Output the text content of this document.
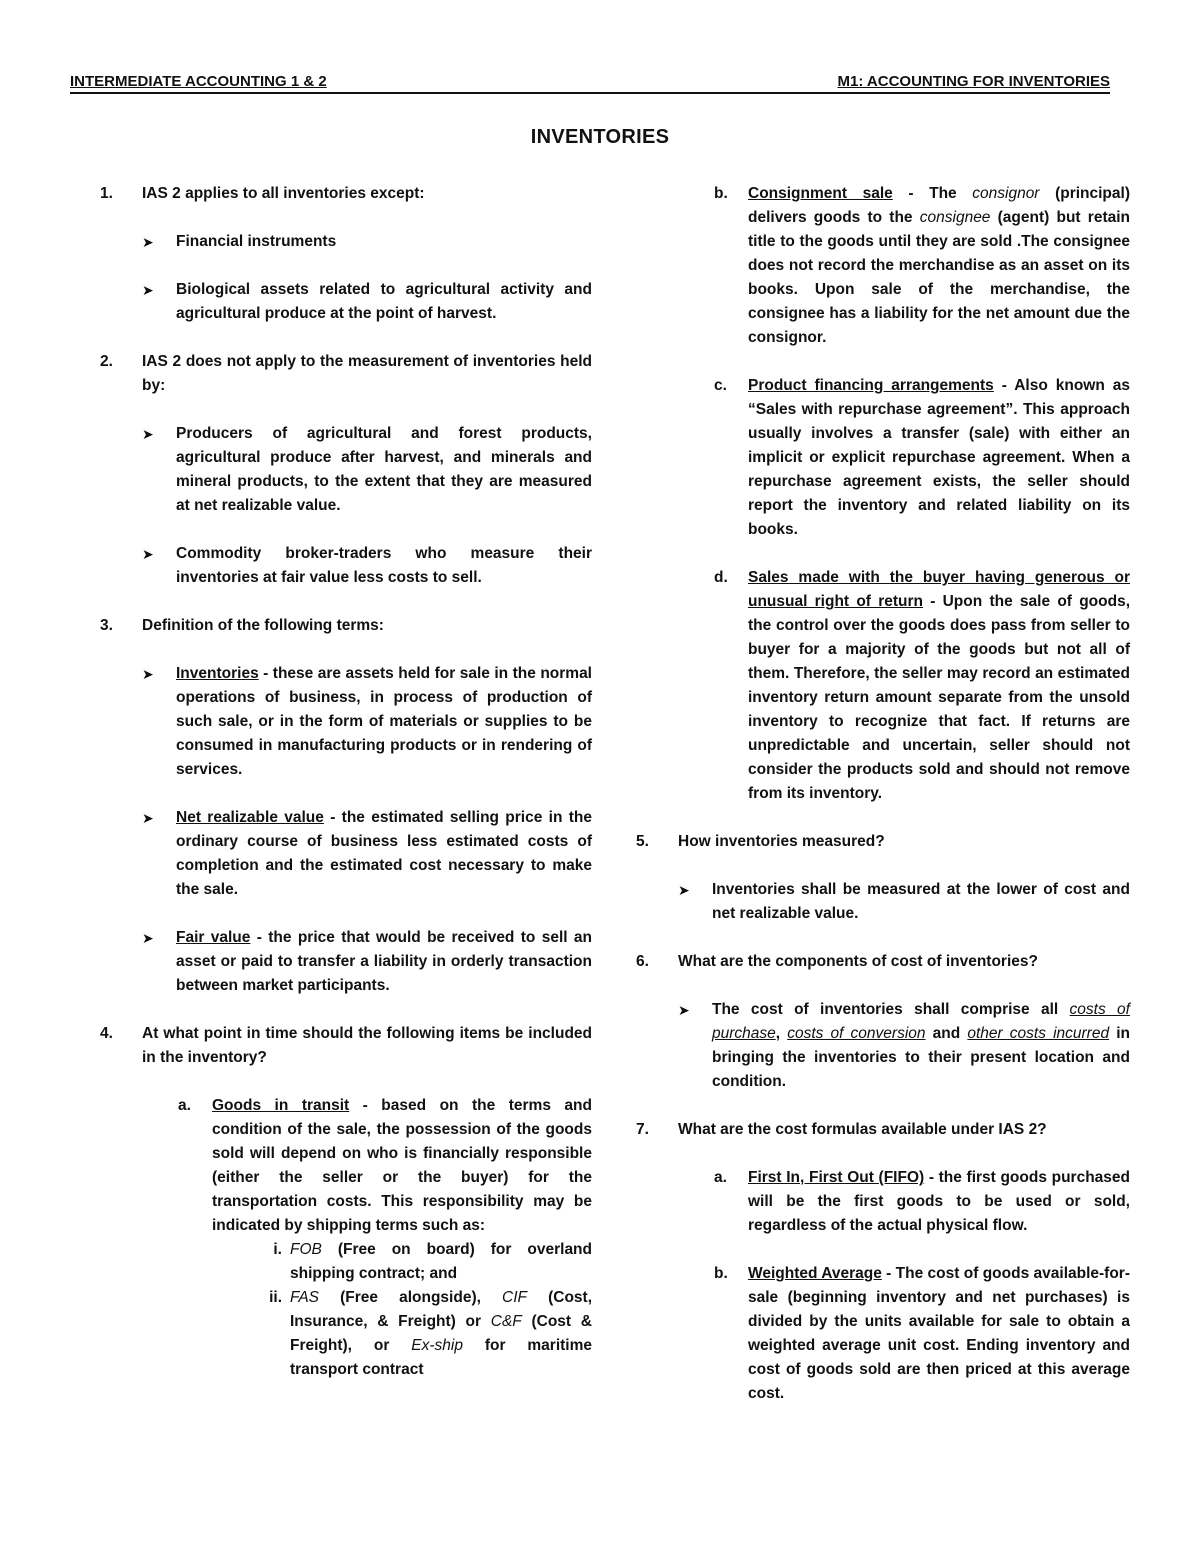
INTERMEDIATE ACCOUNTING 1 & 2	M1: ACCOUNTING FOR INVENTORIES
INVENTORIES
1.	IAS 2 applies to all inventories except:
➤	Financial instruments
➤	Biological assets related to agricultural activity and agricultural produce at the point of harvest.
2.	IAS 2 does not apply to the measurement of inventories held by:
➤	Producers of agricultural and forest products, agricultural produce after harvest, and minerals and mineral products, to the extent that they are measured at net realizable value.
➤	Commodity broker-traders who measure their inventories at fair value less costs to sell.
3.	Definition of the following terms:
➤	Inventories - these are assets held for sale in the normal operations of business, in process of production of such sale, or in the form of materials or supplies to be consumed in manufacturing products or in rendering of services.
➤	Net realizable value - the estimated selling price in the ordinary course of business less estimated costs of completion and the estimated cost necessary to make the sale.
➤	Fair value - the price that would be received to sell an asset or paid to transfer a liability in orderly transaction between market participants.
4.	At what point in time should the following items be included in the inventory?
a.	Goods in transit - based on the terms and condition of the sale, the possession of the goods sold will depend on who is financially responsible (either the seller or the buyer) for the transportation costs. This responsibility may be indicated by shipping terms such as:
i. FOB (Free on board) for overland shipping contract; and
ii. FAS (Free alongside), CIF (Cost, Insurance, & Freight) or C&F (Cost & Freight), or Ex-ship for maritime transport contract
b.	Consignment sale - The consignor (principal) delivers goods to the consignee (agent) but retain title to the goods until they are sold .The consignee does not record the merchandise as an asset on its books. Upon sale of the merchandise, the consignee has a liability for the net amount due the consignor.
c.	Product financing arrangements - Also known as “Sales with repurchase agreement”. This approach usually involves a transfer (sale) with either an implicit or explicit repurchase agreement. When a repurchase agreement exists, the seller should report the inventory and related liability on its books.
d.	Sales made with the buyer having generous or unusual right of return - Upon the sale of goods, the control over the goods does pass from seller to buyer for a majority of the goods but not all of them. Therefore, the seller may record an estimated inventory return amount separate from the unsold inventory to recognize that fact. If returns are unpredictable and uncertain, seller should not consider the products sold and should not remove from its inventory.
5.	How inventories measured?
➤	Inventories shall be measured at the lower of cost and net realizable value.
6.	What are the components of cost of inventories?
➤	The cost of inventories shall comprise all costs of purchase, costs of conversion and other costs incurred in bringing the inventories to their present location and condition.
7.	What are the cost formulas available under IAS 2?
a.	First In, First Out (FIFO) - the first goods purchased will be the first goods to be used or sold, regardless of the actual physical flow.
b.	Weighted Average - The cost of goods available-for-sale (beginning inventory and net purchases) is divided by the units available for sale to obtain a weighted average unit cost. Ending inventory and cost of goods sold are then priced at this average cost.
